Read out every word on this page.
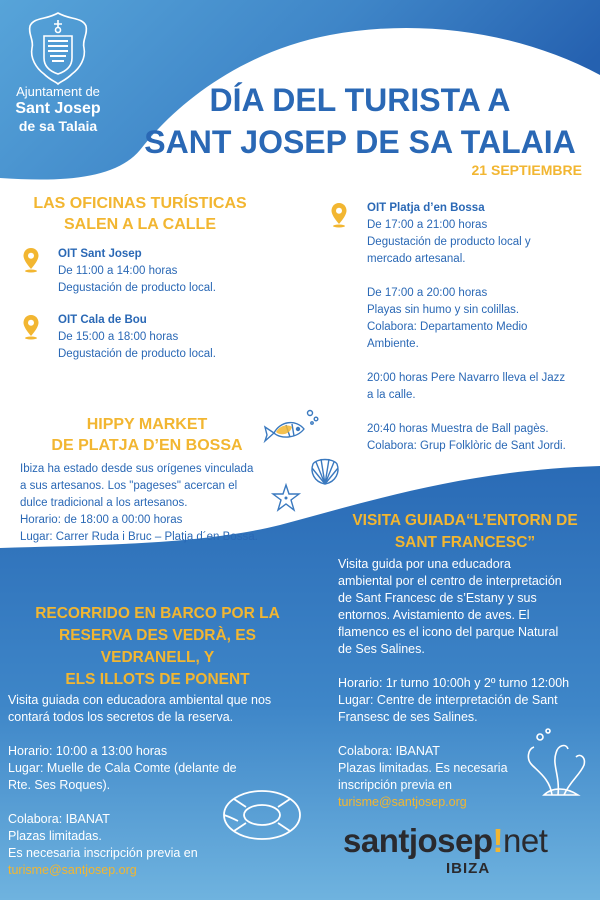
Ajuntament de
Sant Josep
de sa Talaia
DÍA DEL TURISTA A
SANT JOSEP DE SA TALAIA
21 SEPTIEMBRE
LAS OFICINAS TURÍSTICAS
SALEN A LA CALLE
OIT Sant Josep
De 11:00 a 14:00 horas
Degustación de producto local.
OIT Cala de Bou
De 15:00 a 18:00 horas
Degustación de producto local.
OIT Platja d’en Bossa
De 17:00 a 21:00 horas
Degustación de producto local y
mercado artesanal.
De 17:00 a 20:00 horas
Playas sin humo y sin colillas.
Colabora: Departamento Medio
Ambiente.
20:00 horas Pere Navarro lleva el Jazz
a la calle.
20:40 horas Muestra de Ball pagès.
Colabora: Grup Folklòric de Sant Jordi.
HIPPY MARKET
DE PLATJA D’EN BOSSA
Ibiza ha estado desde sus orígenes vinculada
a sus artesanos. Los "pageses" acercan el
dulce tradicional a los artesanos.
Horario: de 18:00 a 00:00 horas
Lugar: Carrer Ruda i Bruc – Platja d´en Bossa.
VISITA GUIADA“L’ENTORN DE
SANT FRANCESC”
Visita guida por una educadora
ambiental por el centro de interpretación
de Sant Francesc de s’Estany y sus
entornos. Avistamiento de aves. El
flamenco es el icono del parque Natural
de Ses Salines.
Horario: 1r turno 10:00h y 2º turno 12:00h
Lugar: Centre de interpretación de Sant
Fransesc de ses Salines.
Colabora: IBANAT
Plazas limitadas. Es necesaria
inscripción previa en
turisme@santjosep.org
RECORRIDO EN BARCO POR LA
RESERVA DES VEDRÀ, ES
VEDRANELL, Y
ELS ILLOTS DE PONENT
Visita guiada con educadora ambiental que nos
contará todos los secretos de la reserva.
Horario: 10:00 a 13:00 horas
Lugar: Muelle de Cala Comte (delante de
Rte. Ses Roques).
Colabora: IBANAT
Plazas limitadas.
Es necesaria inscripción previa en
turisme@santjosep.org
santjosep!net
IBIZA
